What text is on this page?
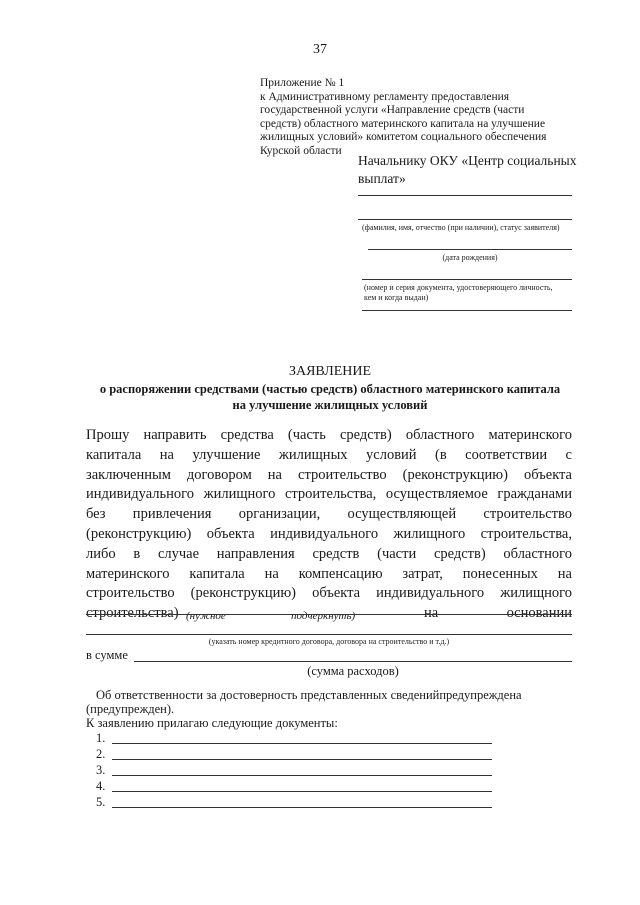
37
Приложение № 1
к Административному регламенту предоставления
государственной услуги «Направление средств (части
средств) областного материнского капитала на улучшение
жилищных условий» комитетом социального обеспечения
Курской области
Начальнику ОКУ «Центр социальных
выплат»
(фамилия, имя, отчество (при наличии), статус заявителя)
(дата рождения)
(номер и серия документа, удостоверяющего личность,
кем и когда выдан)
ЗАЯВЛЕНИЕ
о распоряжении средствами (частью средств) областного материнского капитала
на улучшение жилищных условий
Прошу направить средства (часть средств) областного материнского
капитала на улучшение жилищных условий (в соответствии с
заключенным договором на строительство (реконструкцию) объекта
индивидуального жилищного строительства, осуществляемое гражданами
без привлечения организации, осуществляющей строительство
(реконструкцию) объекта индивидуального жилищного строительства,
либо в случае направления средств (части средств) областного
материнского капитала на компенсацию затрат, понесенных на
строительство (реконструкцию) объекта индивидуального жилищного
строительства) (нужное	подчеркнуть)	на	основании
(указать номер кредитного договора, договора на строительство и т.д.)
в сумме
(сумма расходов)
Об ответственности за достоверность представленных сведенийпредупреждена
(предупрежден).
К заявлению прилагаю следующие документы:
1.
2.
3.
4.
5.
